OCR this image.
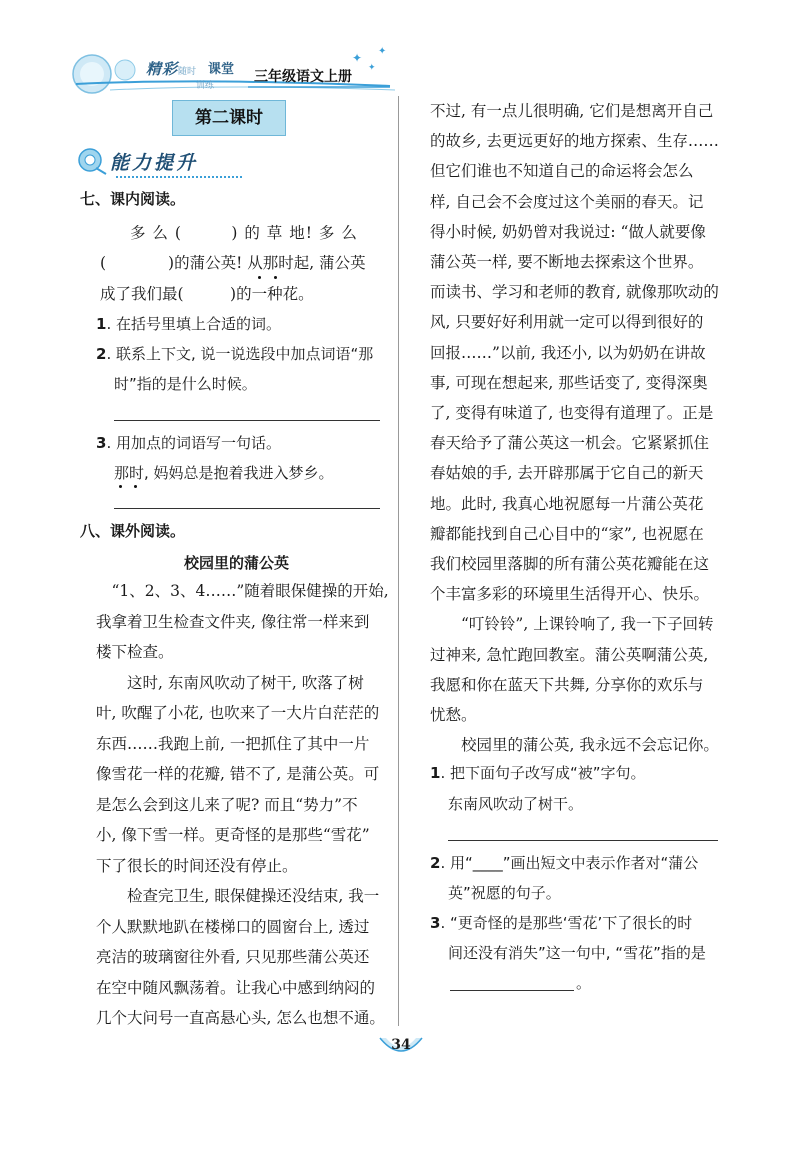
精彩 随时
训练
课堂 三年级语文上册
✦
✦
✦
第二课时
能力提升
七、课内阅读。
多 么 (　　　) 的 草 地! 多 么
(　　　　)的蒲公英! 从那时起, 蒲公英
成了我们最(　　　)的一种花。
1. 在括号里填上合适的词。
2. 联系上下文, 说一说选段中加点词语“那
时”指的是什么时候。
3. 用加点的词语写一句话。
那时, 妈妈总是抱着我进入梦乡。
八、课外阅读。
校园里的蒲公英
　“1、2、3、4……”随着眼保健操的开始,
我拿着卫生检查文件夹, 像往常一样来到
楼下检查。
　　这时, 东南风吹动了树干, 吹落了树
叶, 吹醒了小花, 也吹来了一大片白茫茫的
东西……我跑上前, 一把抓住了其中一片
像雪花一样的花瓣, 错不了, 是蒲公英。可
是怎么会到这儿来了呢? 而且“势力”不
小, 像下雪一样。更奇怪的是那些“雪花”
下了很长的时间还没有停止。
　　检查完卫生, 眼保健操还没结束, 我一
个人默默地趴在楼梯口的圆窗台上, 透过
亮洁的玻璃窗往外看, 只见那些蒲公英还
在空中随风飘荡着。让我心中感到纳闷的
几个大问号一直高悬心头, 怎么也想不通。
不过, 有一点儿很明确, 它们是想离开自己
的故乡, 去更远更好的地方探索、生存……
但它们谁也不知道自己的命运将会怎么
样, 自己会不会度过这个美丽的春天。记
得小时候, 奶奶曾对我说过: “做人就要像
蒲公英一样, 要不断地去探索这个世界。
而读书、学习和老师的教育, 就像那吹动的
风, 只要好好利用就一定可以得到很好的
回报……”以前, 我还小, 以为奶奶在讲故
事, 可现在想起来, 那些话变了, 变得深奥
了, 变得有味道了, 也变得有道理了。正是
春天给予了蒲公英这一机会。它紧紧抓住
春姑娘的手, 去开辟那属于它自己的新天
地。此时, 我真心地祝愿每一片蒲公英花
瓣都能找到自己心目中的“家”, 也祝愿在
我们校园里落脚的所有蒲公英花瓣能在这
个丰富多彩的环境里生活得开心、快乐。
　　“叮铃铃”, 上课铃响了, 我一下子回转
过神来, 急忙跑回教室。蒲公英啊蒲公英,
我愿和你在蓝天下共舞, 分享你的欢乐与
忧愁。
　　校园里的蒲公英, 我永远不会忘记你。
1. 把下面句子改写成“被”字句。
东南风吹动了树干。
2. 用“____”画出短文中表示作者对“蒲公
英”祝愿的句子。
3. “更奇怪的是那些‘雪花’下了很长的时
间还没有消失”这一句中, “雪花”指的是
。
34
